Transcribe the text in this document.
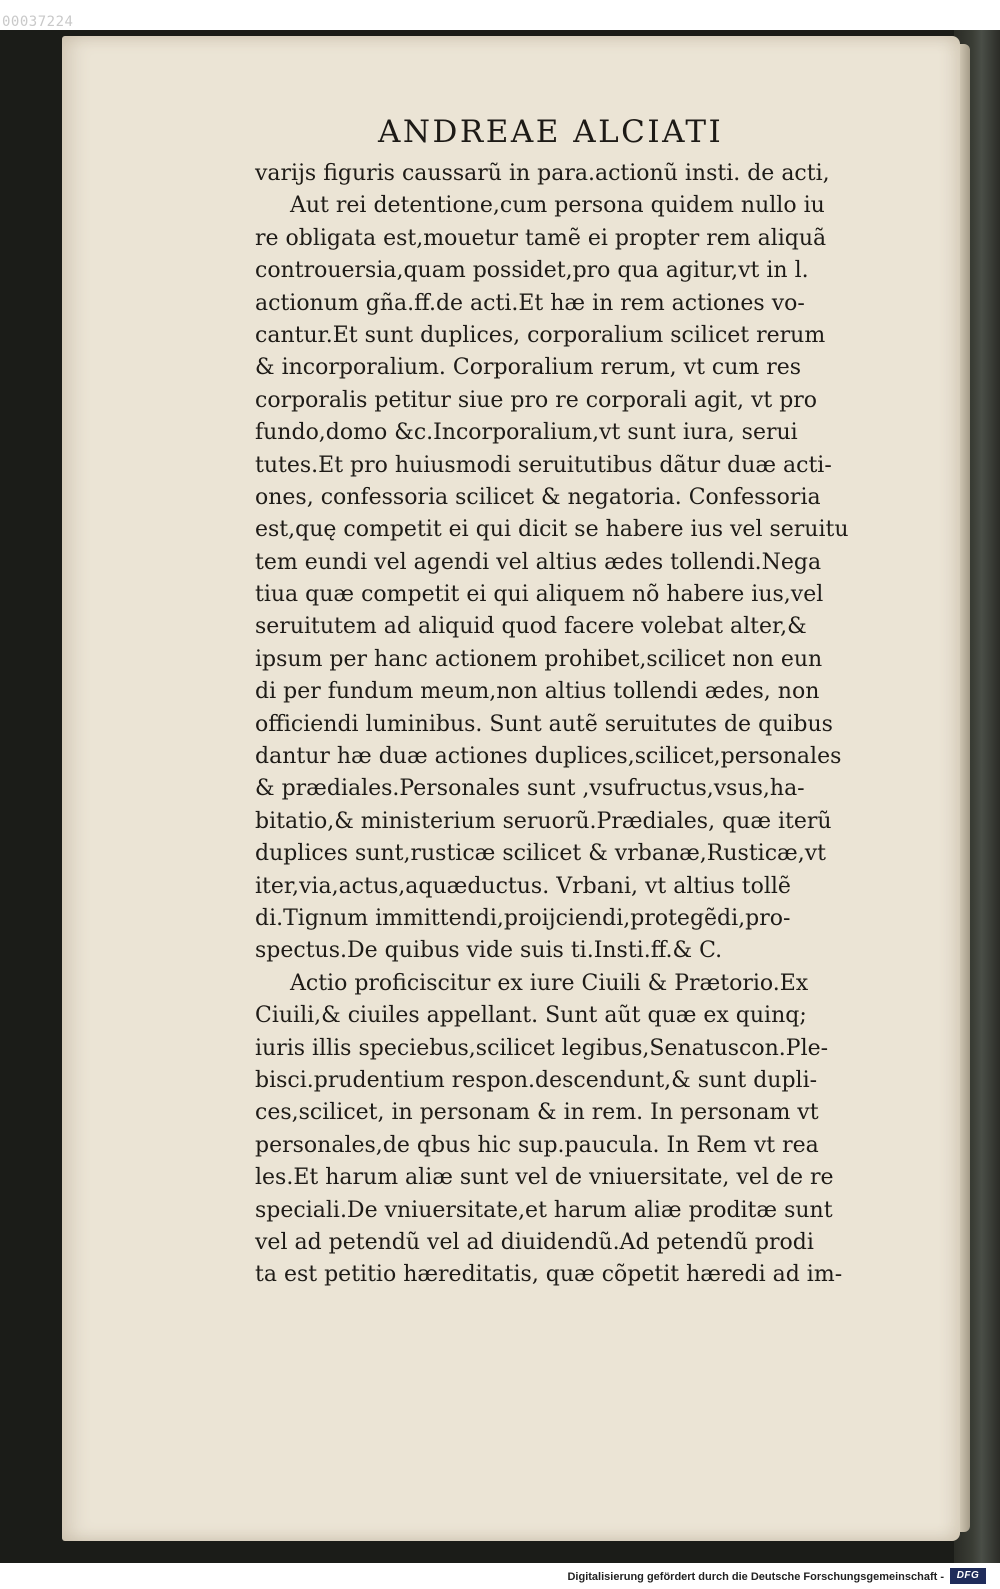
00037224
ANDREAE ALCIATI
varijs figuris caussarũ in para.actionũ insti. de acti,
Aut rei detentione,cum persona quidem nullo iu
re obligata est,mouetur tamẽ ei propter rem aliquã
controuersia,quam possidet,pro qua agitur,vt in l.
actionum gña.ff.de acti.Et hæ in rem actiones vo-
cantur.Et sunt duplices, corporalium scilicet rerum
& incorporalium. Corporalium rerum, vt cum res
corporalis petitur siue pro re corporali agit, vt pro
fundo,domo &c.Incorporalium,vt sunt iura, serui
tutes.Et pro huiusmodi seruitutibus dãtur duæ acti-
ones, confessoria scilicet & negatoria. Confessoria
est,quę competit ei qui dicit se habere ius vel seruitu
tem eundi vel agendi vel altius ædes tollendi.Nega
tiua quæ competit ei qui aliquem nõ habere ius,vel
seruitutem ad aliquid quod facere volebat alter,&
ipsum per hanc actionem prohibet,scilicet non eun
di per fundum meum,non altius tollendi ædes, non
officiendi luminibus. Sunt autẽ seruitutes de quibus
dantur hæ duæ actiones duplices,scilicet,personales
& prædiales.Personales sunt ,vsufructus,vsus,ha-
bitatio,& ministerium seruorũ.Prædiales, quæ iterũ
duplices sunt,rusticæ scilicet & vrbanæ,Rusticæ,vt
iter,via,actus,aquæductus. Vrbani, vt altius tollẽ
di.Tignum immittendi,proijciendi,protegẽdi,pro-
spectus.De quibus vide suis ti.Insti.ff.& C.
Actio proficiscitur ex iure Ciuili & Prætorio.Ex
Ciuili,& ciuiles appellant. Sunt aũt quæ ex quinq;
iuris illis speciebus,scilicet legibus,Senatuscon.Ple-
bisci.prudentium respon.descendunt,& sunt dupli-
ces,scilicet, in personam & in rem. In personam vt
personales,de qbus hic sup.paucula. In Rem vt rea
les.Et harum aliæ sunt vel de vniuersitate, vel de re
speciali.De vniuersitate,et harum aliæ proditæ sunt
vel ad petendũ vel ad diuidendũ.Ad petendũ prodi
ta est petitio hæreditatis, quæ cõpetit hæredi ad im-
Digitalisierung gefördert durch die Deutsche Forschungsgemeinschaft -	DFG
